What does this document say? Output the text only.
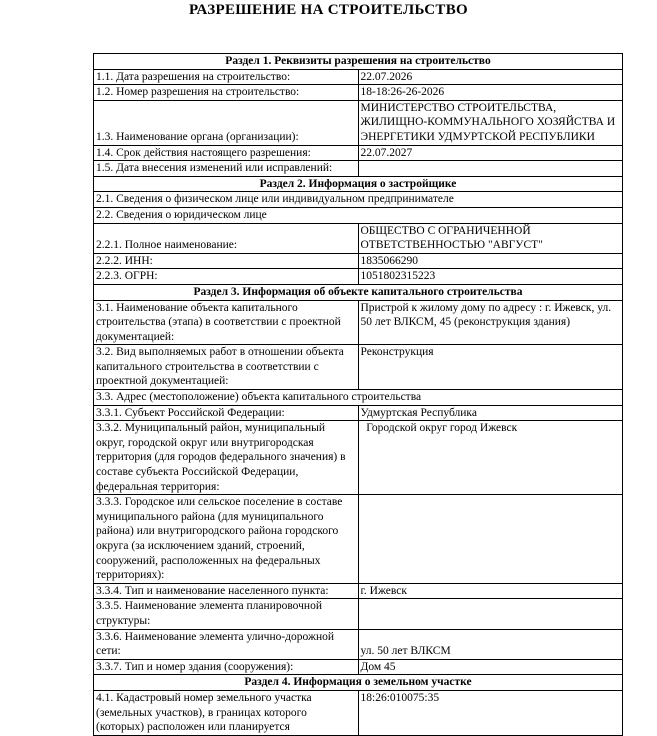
РАЗРЕШЕНИЕ НА СТРОИТЕЛЬСТВО
Раздел 1. Реквизиты разрешения на строительство	
1.1. Дата разрешения на строительство:	22.07.2026
1.2. Номер разрешения на строительство:	18-18:26-26-2026
1.3. Наименование органа (организации):	МИНИСТЕРСТВО СТРОИТЕЛЬСТВА, ЖИЛИЩНО-КОММУНАЛЬНОГО ХОЗЯЙСТВА И ЭНЕРГЕТИКИ УДМУРТСКОЙ РЕСПУБЛИКИ
1.4. Срок действия настоящего разрешения:	22.07.2027
1.5. Дата внесения изменений или исправлений:	
Раздел 2. Информация о застройщике	
2.1. Сведения о физическом лице или индивидуальном предпринимателе	
2.2. Сведения о юридическом лице	
2.2.1. Полное наименование:	ОБЩЕСТВО С ОГРАНИЧЕННОЙ ОТВЕТСТВЕННОСТЬЮ "АВГУСТ"
2.2.2. ИНН:	1835066290
2.2.3. ОГРН:	1051802315223
Раздел 3. Информация об объекте капитального строительства	
3.1. Наименование объекта капитального строительства (этапа) в соответствии с проектной документацией:	Пристрой к жилому дому по адресу : г. Ижевск, ул. 50 лет ВЛКСМ, 45 (реконструкция здания)
3.2. Вид выполняемых работ в отношении объекта капитального строительства в соответствии с проектной документацией:	Реконструкция
3.3. Адрес (местоположение) объекта капитального строительства	
3.3.1. Субъект Российской Федерации:	Удмуртская Республика
3.3.2. Муниципальный район, муниципальный округ, городской округ или внутригородская территория (для городов федерального значения) в составе субъекта Российской Федерации, федеральная территория:	Городской округ город Ижевск
3.3.3. Городское или сельское поселение в составе муниципального района (для муниципального района) или внутригородского района городского округа (за исключением зданий, строений, сооружений, расположенных на федеральных территориях):	
3.3.4. Тип и наименование населенного пункта:	г. Ижевск
3.3.5. Наименование элемента планировочной структуры:	
3.3.6. Наименование элемента улично-дорожной сети:	ул. 50 лет ВЛКСМ
3.3.7. Тип и номер здания (сооружения):	Дом 45
Раздел 4. Информация о земельном участке	
4.1. Кадастровый номер земельного участка (земельных участков), в границах которого (которых) расположен или планируется	18:26:010075:35
